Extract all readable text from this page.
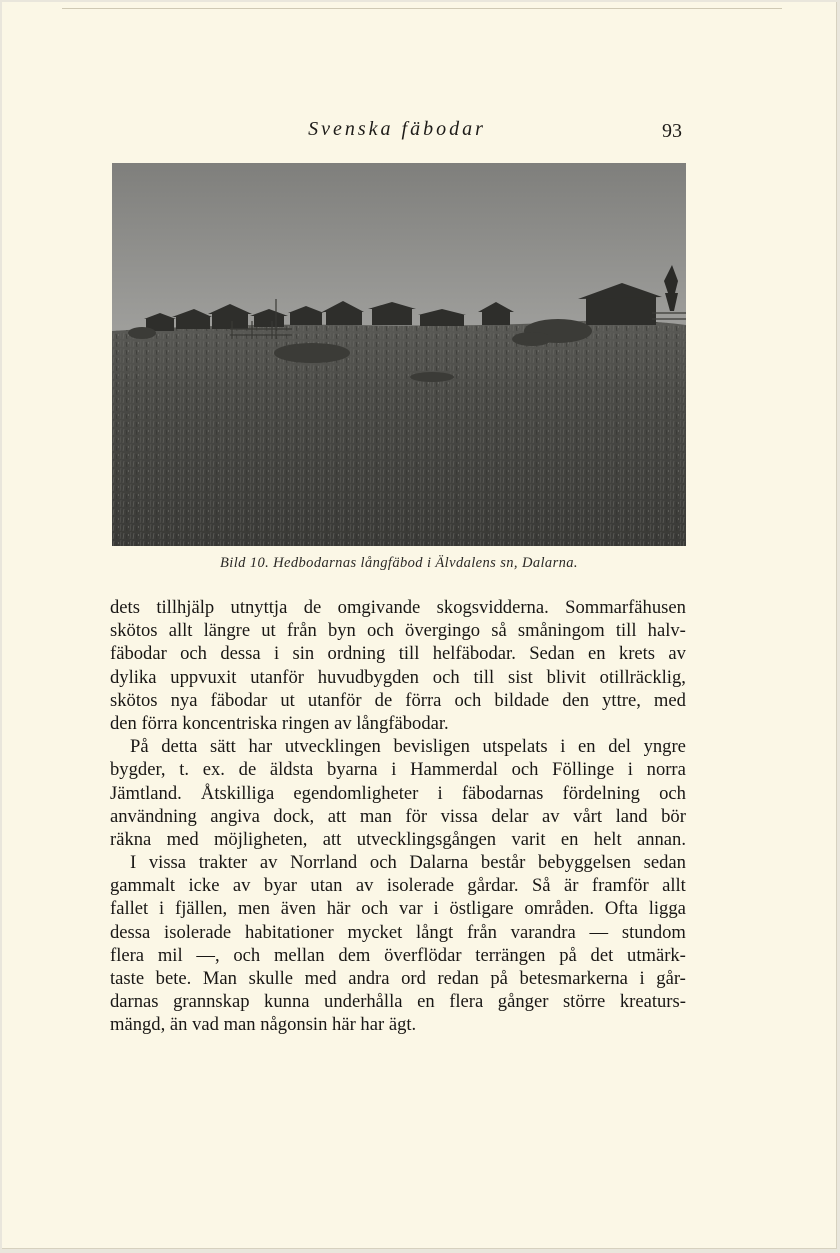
Svenska fäbodar	93
Bild 10. Hedbodarnas långfäbod i Älvdalens sn, Dalarna.
dets tillhjälp utnyttja de omgivande skogsvidderna. Sommarfähusen
skötos allt längre ut från byn och övergingo så småningom till halv-
fäbodar och dessa i sin ordning till helfäbodar. Sedan en krets av
dylika uppvuxit utanför huvudbygden och till sist blivit otillräcklig,
skötos nya fäbodar ut utanför de förra och bildade den yttre, med
den förra koncentriska ringen av långfäbodar.
På detta sätt har utvecklingen bevisligen utspelats i en del yngre
bygder, t. ex. de äldsta byarna i Hammerdal och Föllinge i norra
Jämtland. Åtskilliga egendomligheter i fäbodarnas fördelning och
användning angiva dock, att man för vissa delar av vårt land bör
räkna med möjligheten, att utvecklingsgången varit en helt annan.
I vissa trakter av Norrland och Dalarna består bebyggelsen sedan
gammalt icke av byar utan av isolerade gårdar. Så är framför allt
fallet i fjällen, men även här och var i östligare områden. Ofta ligga
dessa isolerade habitationer mycket långt från varandra — stundom
flera mil —, och mellan dem överflödar terrängen på det utmärk-
taste bete. Man skulle med andra ord redan på betesmarkerna i går-
darnas grannskap kunna underhålla en flera gånger större kreaturs-
mängd, än vad man någonsin här har ägt.
